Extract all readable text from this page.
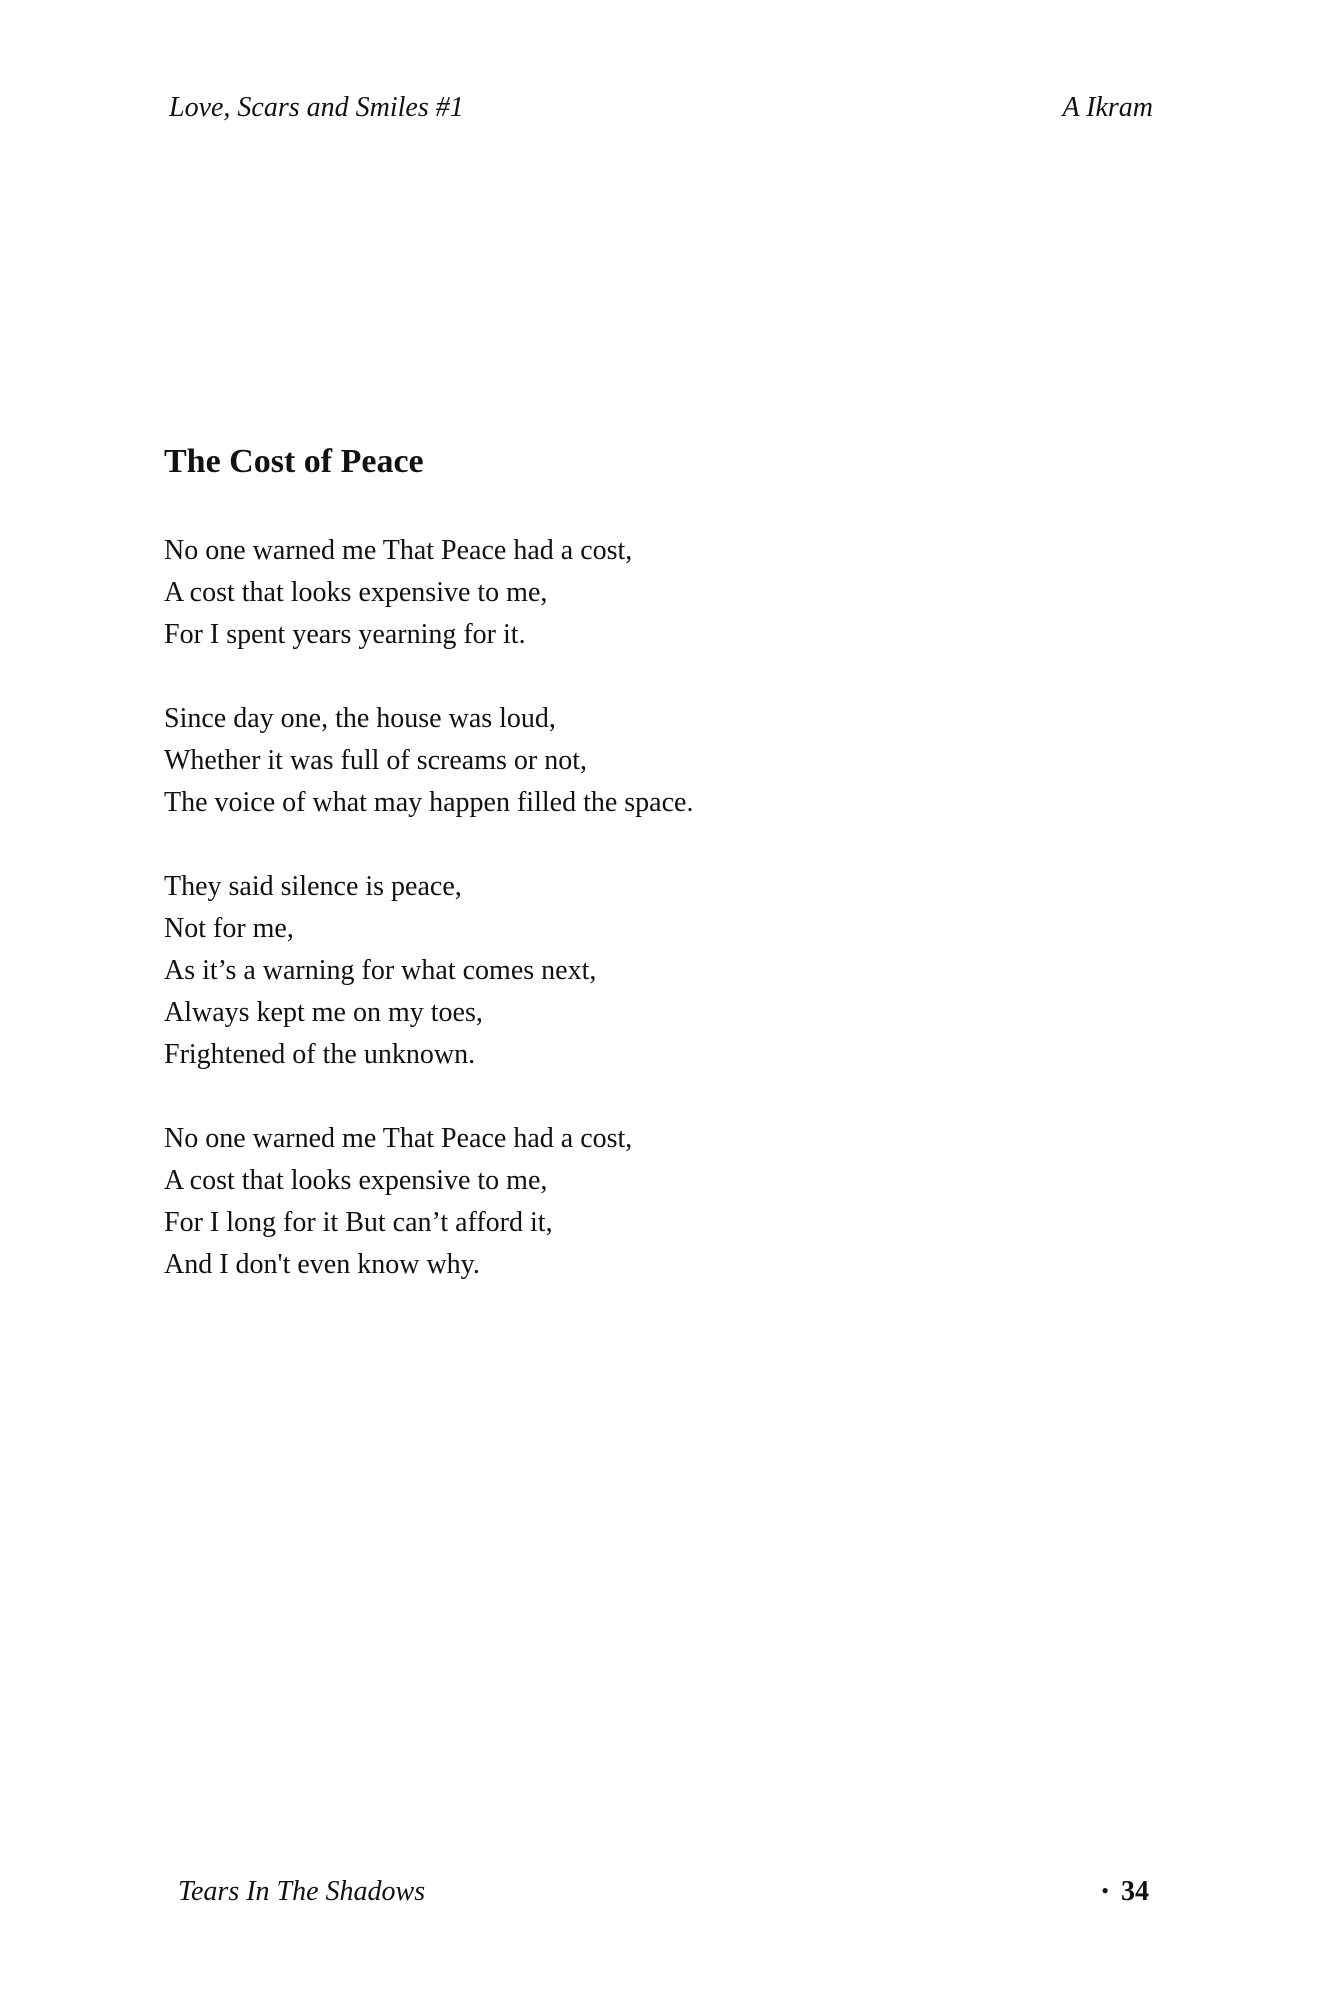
Love, Scars and Smiles #1	A Ikram
The Cost of Peace
No one warned me That Peace had a cost,
A cost that looks expensive to me,
For I spent years yearning for it.
Since day one, the house was loud,
Whether it was full of screams or not,
The voice of what may happen filled the space.
They said silence is peace,
Not for me,
As it’s a warning for what comes next,
Always kept me on my toes,
Frightened of the unknown.
No one warned me That Peace had a cost,
A cost that looks expensive to me,
For I long for it But can’t afford it,
And I don't even know why.
Tears In The Shadows	• 34
